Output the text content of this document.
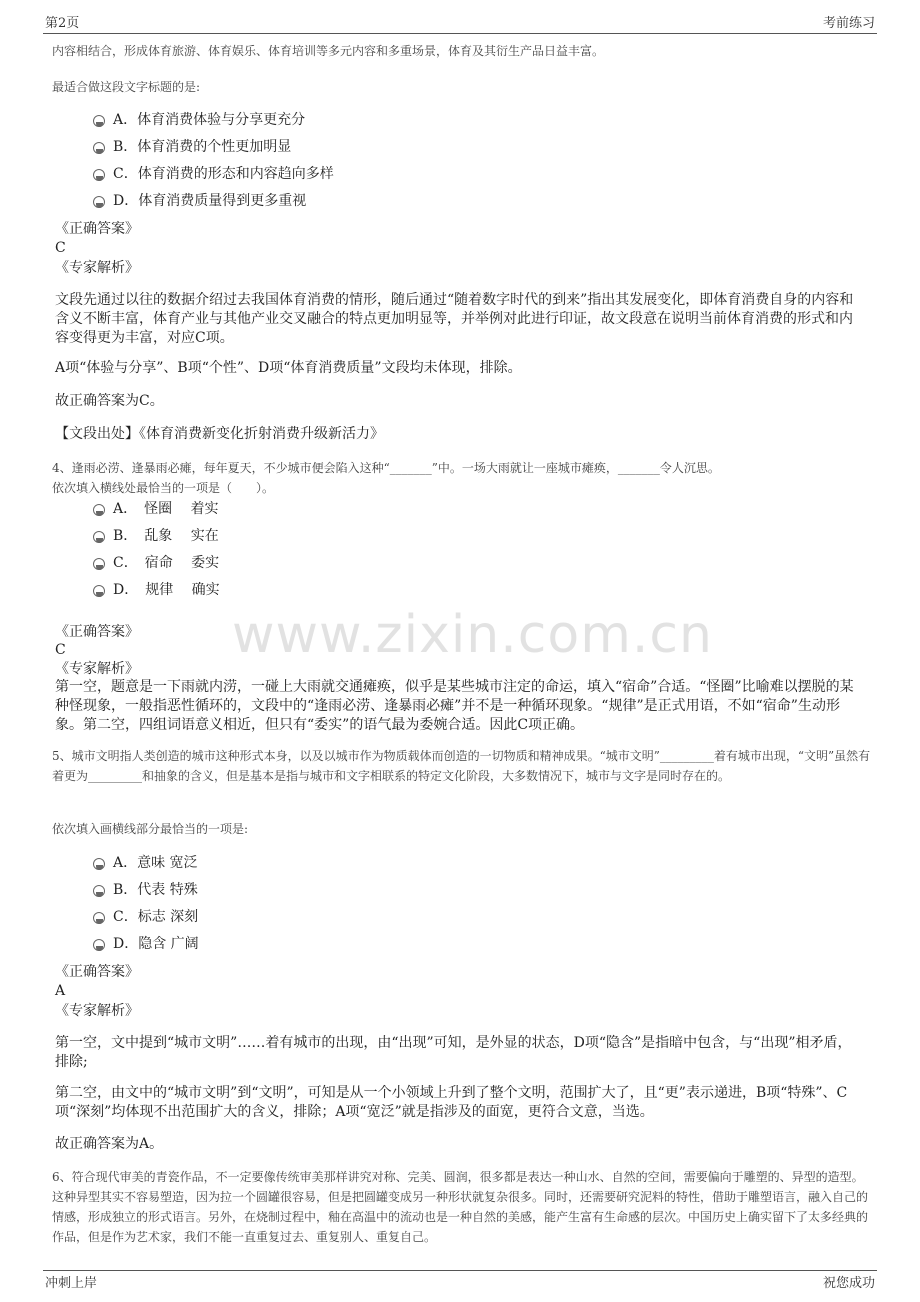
第2页	考前练习
www.zixin.com.cn
内容相结合，形成体育旅游、体育娱乐、体育培训等多元内容和多重场景，体育及其衍生产品日益丰富。
最适合做这段文字标题的是:
A．体育消费体验与分享更充分
B．体育消费的个性更加明显
C．体育消费的形态和内容趋向多样
D．体育消费质量得到更多重视
《正确答案》
C
《专家解析》
文段先通过以往的数据介绍过去我国体育消费的情形，随后通过“随着数字时代的到来”指出其发展变化，即体育消费自身的内容和含义不断丰富，体育产业与其他产业交叉融合的特点更加明显等，并举例对此进行印证，故文段意在说明当前体育消费的形式和内容变得更为丰富，对应C项。
A项“体验与分享”、B项“个性”、D项“体育消费质量”文段均未体现，排除。
故正确答案为C。
【文段出处】《体育消费新变化折射消费升级新活力》
4、逢雨必涝、逢暴雨必瘫，每年夏天，不少城市便会陷入这种“_______”中。一场大雨就让一座城市瘫痪，_______令人沉思。
依次填入横线处最恰当的一项是（　　）。
A．　怪圈　 着实
B．　乱象　 实在
C．　宿命　 委实
D．　规律　 确实
《正确答案》
C
《专家解析》
第一空，题意是一下雨就内涝，一碰上大雨就交通瘫痪，似乎是某些城市注定的命运，填入“宿命”合适。“怪圈”比喻难以摆脱的某种怪现象，一般指恶性循环的，文段中的“逢雨必涝、逢暴雨必瘫”并不是一种循环现象。“规律”是正式用语，不如“宿命”生动形象。第二空，四组词语意义相近，但只有“委实”的语气最为委婉合适。因此C项正确。
5、城市文明指人类创造的城市这种形式本身，以及以城市作为物质载体而创造的一切物质和精神成果。“城市文明”_________着有城市出现，“文明”虽然有着更为_________和抽象的含义，但是基本是指与城市和文字相联系的特定文化阶段，大多数情况下，城市与文字是同时存在的。
依次填入画横线部分最恰当的一项是:
A．意味 宽泛
B．代表 特殊
C．标志 深刻
D．隐含 广阔
《正确答案》
A
《专家解析》
第一空，文中提到“城市文明”……着有城市的出现，由“出现”可知，是外显的状态，D项“隐含”是指暗中包含，与“出现”相矛盾，排除;
第二空，由文中的“城市文明”到“文明”，可知是从一个小领域上升到了整个文明，范围扩大了，且“更”表示递进，B项“特殊”、C项“深刻”均体现不出范围扩大的含义，排除；A项“宽泛”就是指涉及的面宽，更符合文意，当选。
故正确答案为A。
6、符合现代审美的青瓷作品，不一定要像传统审美那样讲究对称、完美、圆润，很多都是表达一种山水、自然的空间，需要偏向于雕塑的、异型的造型。这种异型其实不容易塑造，因为拉一个圆罐很容易，但是把圆罐变成另一种形状就复杂很多。同时，还需要研究泥料的特性，借助于雕塑语言，融入自己的情感，形成独立的形式语言。另外，在烧制过程中，釉在高温中的流动也是一种自然的美感，能产生富有生命感的层次。中国历史上确实留下了太多经典的作品，但是作为艺术家，我们不能一直重复过去、重复别人、重复自己。
冲刺上岸	祝您成功
